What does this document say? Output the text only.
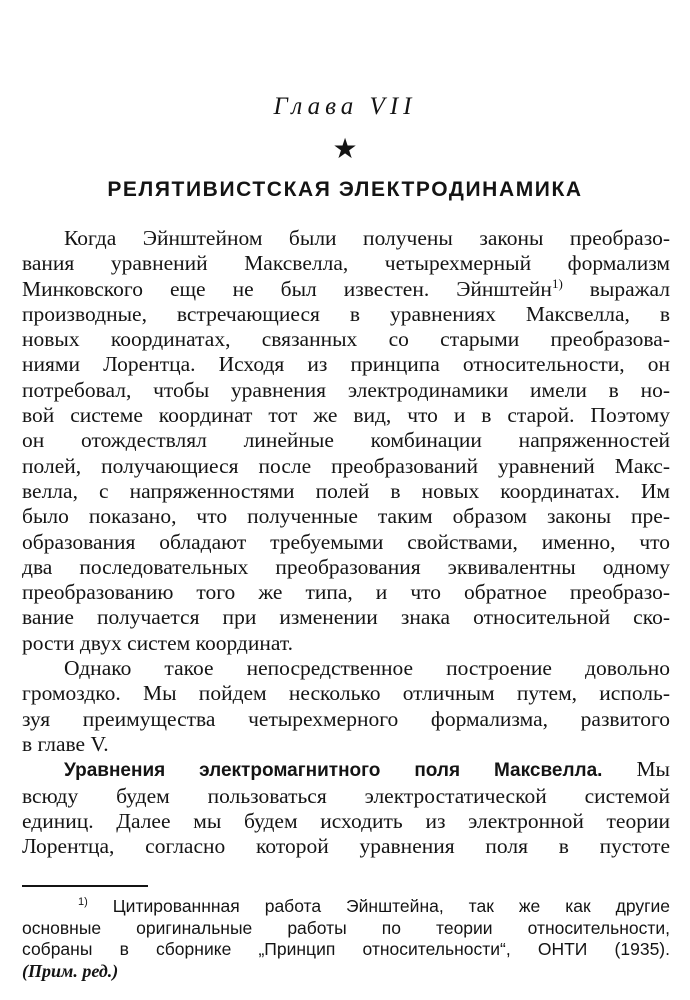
Глава VII
★
РЕЛЯТИВИСТСКАЯ ЭЛЕКТРОДИНАМИКА
Когда Эйнштейном были получены законы преобразо-
вания уравнений Максвелла, четырехмерный формализм
Минковского еще не был известен. Эйнштейн$^{1)}$ выражал
производные, встречающиеся в уравнениях Максвелла, в
новых координатах, связанных со старыми преобразова-
ниями Лорентца. Исходя из принципа относительности, он
потребовал, чтобы уравнения электродинамики имели в но-
вой системе координат тот же вид, что и в старой. Поэтому
он отождествлял линейные комбинации напряженностей
полей, получающиеся после преобразований уравнений Макс-
велла, с напряженностями полей в новых координатах. Им
было показано, что полученные таким образом законы пре-
образования обладают требуемыми свойствами, именно, что
два последовательных преобразования эквивалентны одному
преобразованию того же типа, и что обратное преобразо-
вание получается при изменении знака относительной ско-
рости двух систем координат.
Однако такое непосредственное построение довольно
громоздко. Мы пойдем несколько отличным путем, исполь-
зуя преимущества четырехмерного формализма, развитого
в главе V.
Уравнения электромагнитного поля Максвелла. Мы
всюду будем пользоваться электростатической системой
единиц. Далее мы будем исходить из электронной теории
Лорентца, согласно которой уравнения поля в пустоте
$^{1)}$ Цитированнная работа Эйнштейна, так же как другие
основные оригинальные работы по теории относительности,
собраны в сборнике „Принцип относительности“, ОНТИ (1935).
(Прим. ред.)
